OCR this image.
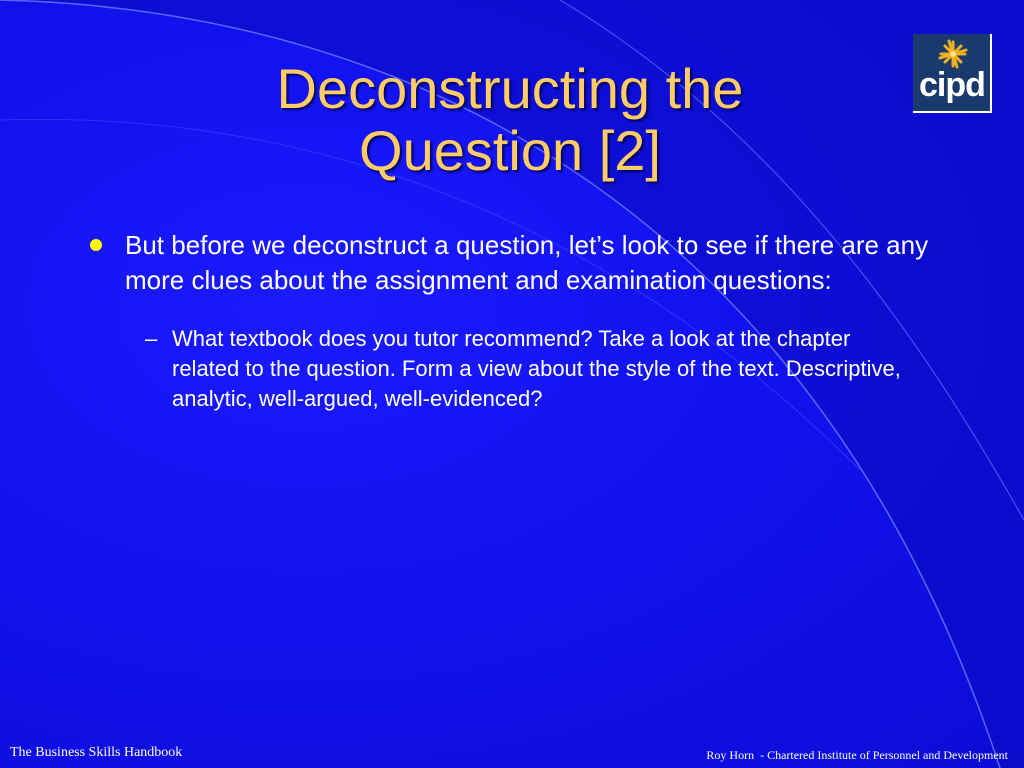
Deconstructing the
Question [2]
cipd
But before we deconstruct a question, let’s look to see if there are any more clues about the assignment and examination questions:
– What textbook does you tutor recommend? Take a look at the chapter related to the question. Form a view about the style of the text. Descriptive, analytic, well-argued, well-evidenced?
The Business Skills Handbook	Roy Horn  - Chartered Institute of Personnel and Development
